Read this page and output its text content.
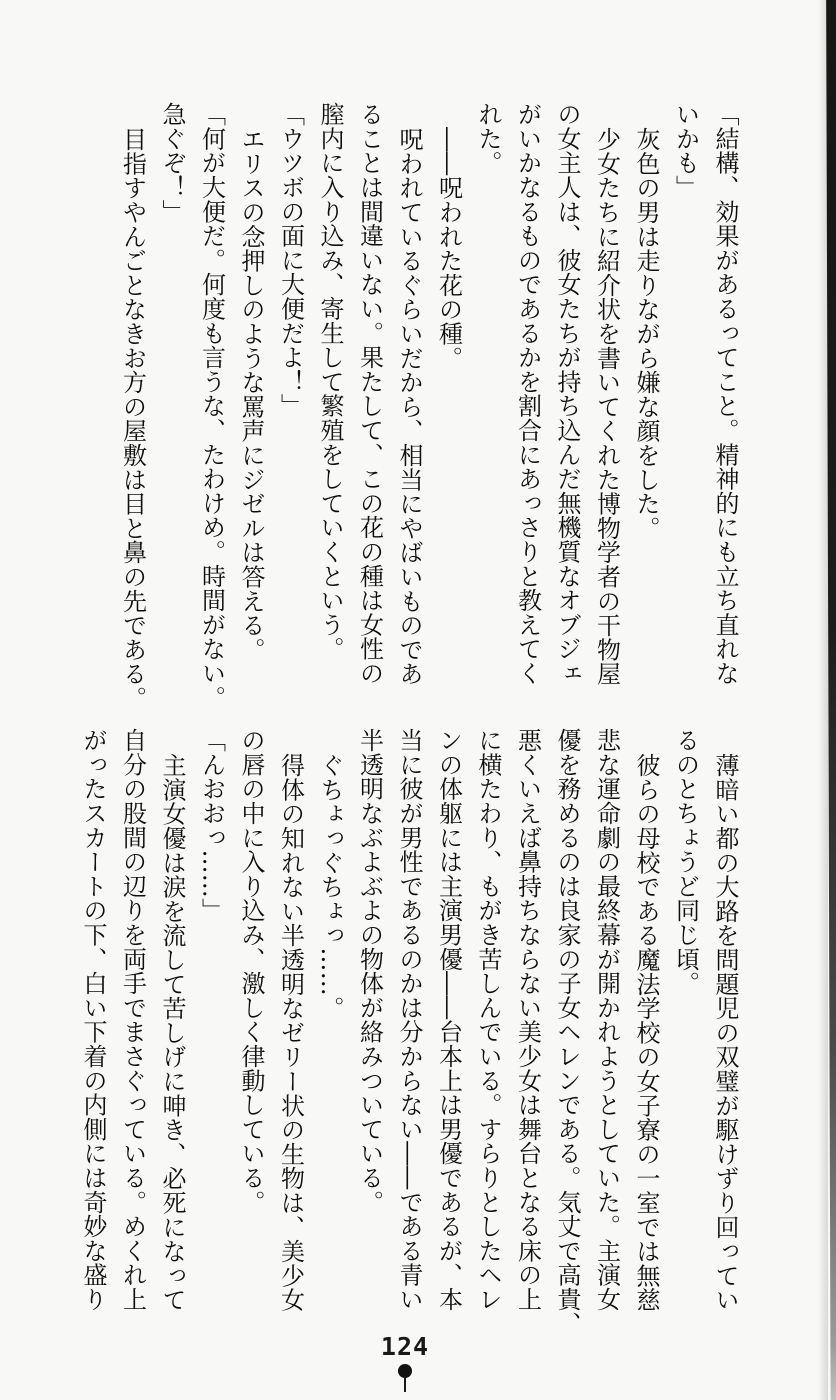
「結構、効果があるってこと。精神的にも立ち直れな
いかも」
灰色の男は走りながら嫌な顔をした。
少女たちに紹介状を書いてくれた博物学者の干物屋
の女主人は、彼女たちが持ち込んだ無機質なオブジェ
がいかなるものであるかを割合にあっさりと教えてく
れた。
――呪われた花の種。
呪われているぐらいだから、相当にやばいものであ
ることは間違いない。果たして、この花の種は女性の
膣内に入り込み、寄生して繁殖をしていくという。
「ウツボの面に大便だよ！」
エリスの念押しのような罵声にジゼルは答える。
「何が大便だ。何度も言うな、たわけめ。時間がない。
急ぐぞ！」
目指すやんごとなきお方の屋敷は目と鼻の先である。
薄暗い都の大路を問題児の双璧が駆けずり回ってい
るのとちょうど同じ頃。
彼らの母校である魔法学校の女子寮の一室では無慈
悲な運命劇の最終幕が開かれようとしていた。主演女
優を務めるのは良家の子女ヘレンである。気丈で高貴、
悪くいえば鼻持ちならない美少女は舞台となる床の上
に横たわり、もがき苦しんでいる。すらりとしたヘレ
ンの体躯には主演男優――台本上は男優であるが、本
当に彼が男性であるのかは分からない――である青い
半透明なぶよぶよの物体が絡みついている。
ぐちょっぐちょっ……。
得体の知れない半透明なゼリー状の生物は、美少女
の唇の中に入り込み、激しく律動している。
「んおおっ……」
主演女優は涙を流して苦しげに呻き、必死になって
自分の股間の辺りを両手でまさぐっている。めくれ上
がったスカートの下、白い下着の内側には奇妙な盛り
124
